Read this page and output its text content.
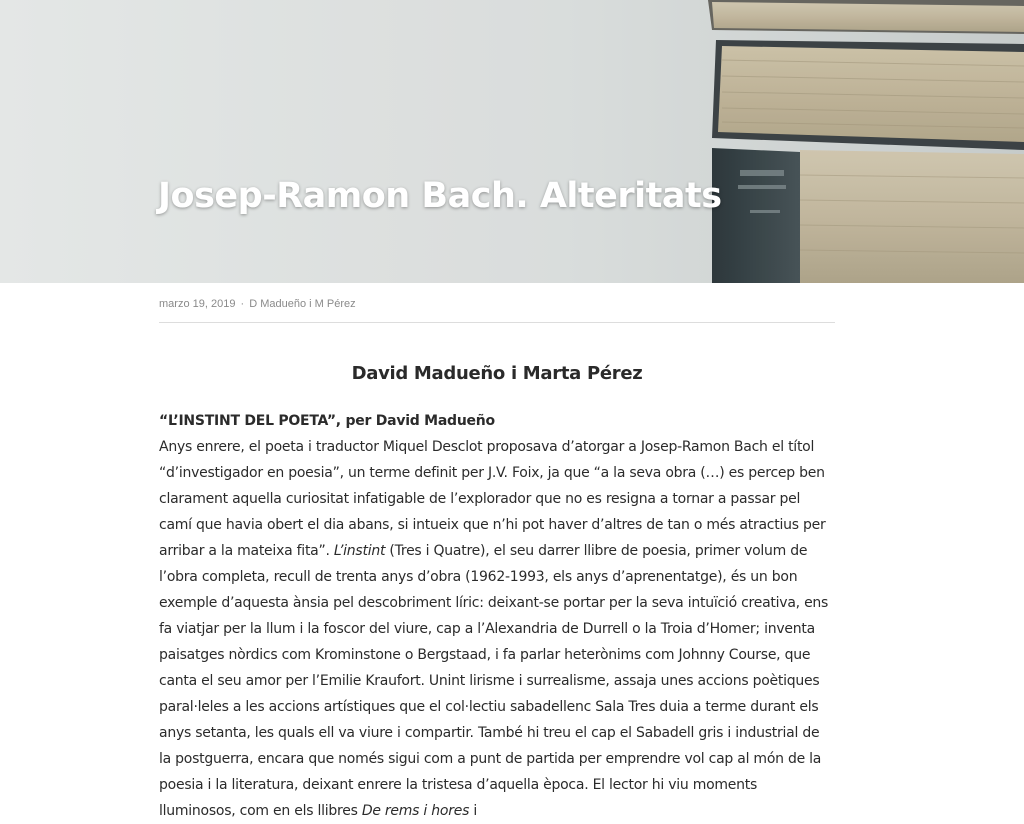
Josep-Ramon Bach. Alteritats
marzo 19, 2019 · D Madueño i M Pérez
David Madueño i Marta Pérez
“L’INSTINT DEL POETA”, per David Madueño

Anys enrere, el poeta i traductor Miquel Desclot proposava d’atorgar a Josep-Ramon Bach el títol “d’investigador en poesia”, un terme definit per J.V. Foix, ja que “a la seva obra (…) es percep ben clarament aquella curiositat infatigable de l’explorador que no es resigna a tornar a passar pel camí que havia obert el dia abans, si intueix que n’hi pot haver d’altres de tan o més atractius per arribar a la mateixa fita”. L’instint (Tres i Quatre), el seu darrer llibre de poesia, primer volum de l’obra completa, recull de trenta anys d’obra (1962-1993, els anys d’aprenentatge), és un bon exemple d’aquesta ànsia pel descobriment líric: deixant-se portar per la seva intuïció creativa, ens fa viatjar per la llum i la foscor del viure, cap a l’Alexandria de Durrell o la Troia d’Homer; inventa paisatges nòrdics com Krominstone o Bergstaad, i fa parlar heterònims com Johnny Course, que canta el seu amor per l’Emilie Kraufort. Unint lirisme i surrealisme, assaja unes accions poètiques paral·leles a les accions artístiques que el col·lectiu sabadellenc Sala Tres duia a terme durant els anys setanta, les quals ell va viure i compartir. També hi treu el cap el Sabadell gris i industrial de la postguerra, encara que només sigui com a punt de partida per emprendre vol cap al món de la poesia i la literatura, deixant enrere la tristesa d’aquella època. El lector hi viu moments lluminosos, com en els llibres De rems i hores i
